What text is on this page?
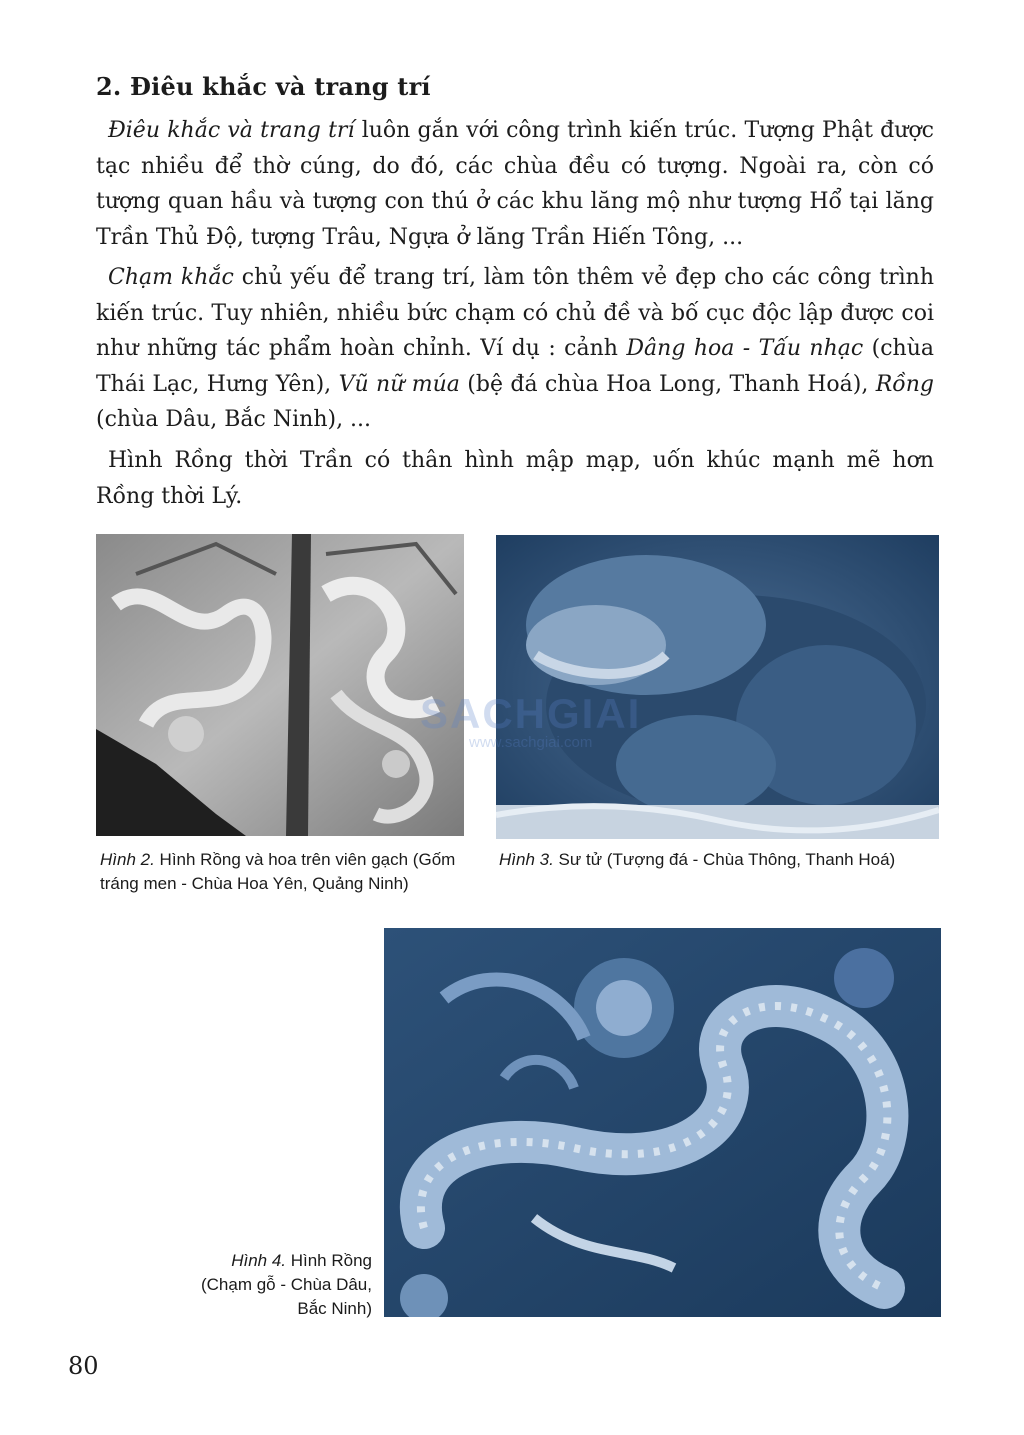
2. Điêu khắc và trang trí

Điêu khắc và trang trí luôn gắn với công trình kiến trúc. Tượng Phật được tạc nhiều để thờ cúng, do đó, các chùa đều có tượng. Ngoài ra, còn có tượng quan hầu và tượng con thú ở các khu lăng mộ như tượng Hổ tại lăng Trần Thủ Độ, tượng Trâu, Ngựa ở lăng Trần Hiến Tông, ...

Chạm khắc chủ yếu để trang trí, làm tôn thêm vẻ đẹp cho các công trình kiến trúc. Tuy nhiên, nhiều bức chạm có chủ đề và bố cục độc lập được coi như những tác phẩm hoàn chỉnh. Ví dụ : cảnh Dâng hoa - Tấu nhạc (chùa Thái Lạc, Hưng Yên), Vũ nữ múa (bệ đá chùa Hoa Long, Thanh Hoá), Rồng (chùa Dâu, Bắc Ninh), ...

Hình Rồng thời Trần có thân hình mập mạp, uốn khúc mạnh mẽ hơn Rồng thời Lý.

SACHGIAI
www.sachgiai.com
Hình 2. Hình Rồng và hoa trên viên gạch (Gốm tráng men - Chùa Hoa Yên, Quảng Ninh)
Hình 3. Sư tử (Tượng đá - Chùa Thông, Thanh Hoá)
Hình 4. Hình Rồng
(Chạm gỗ - Chùa Dâu,
Bắc Ninh)
80
